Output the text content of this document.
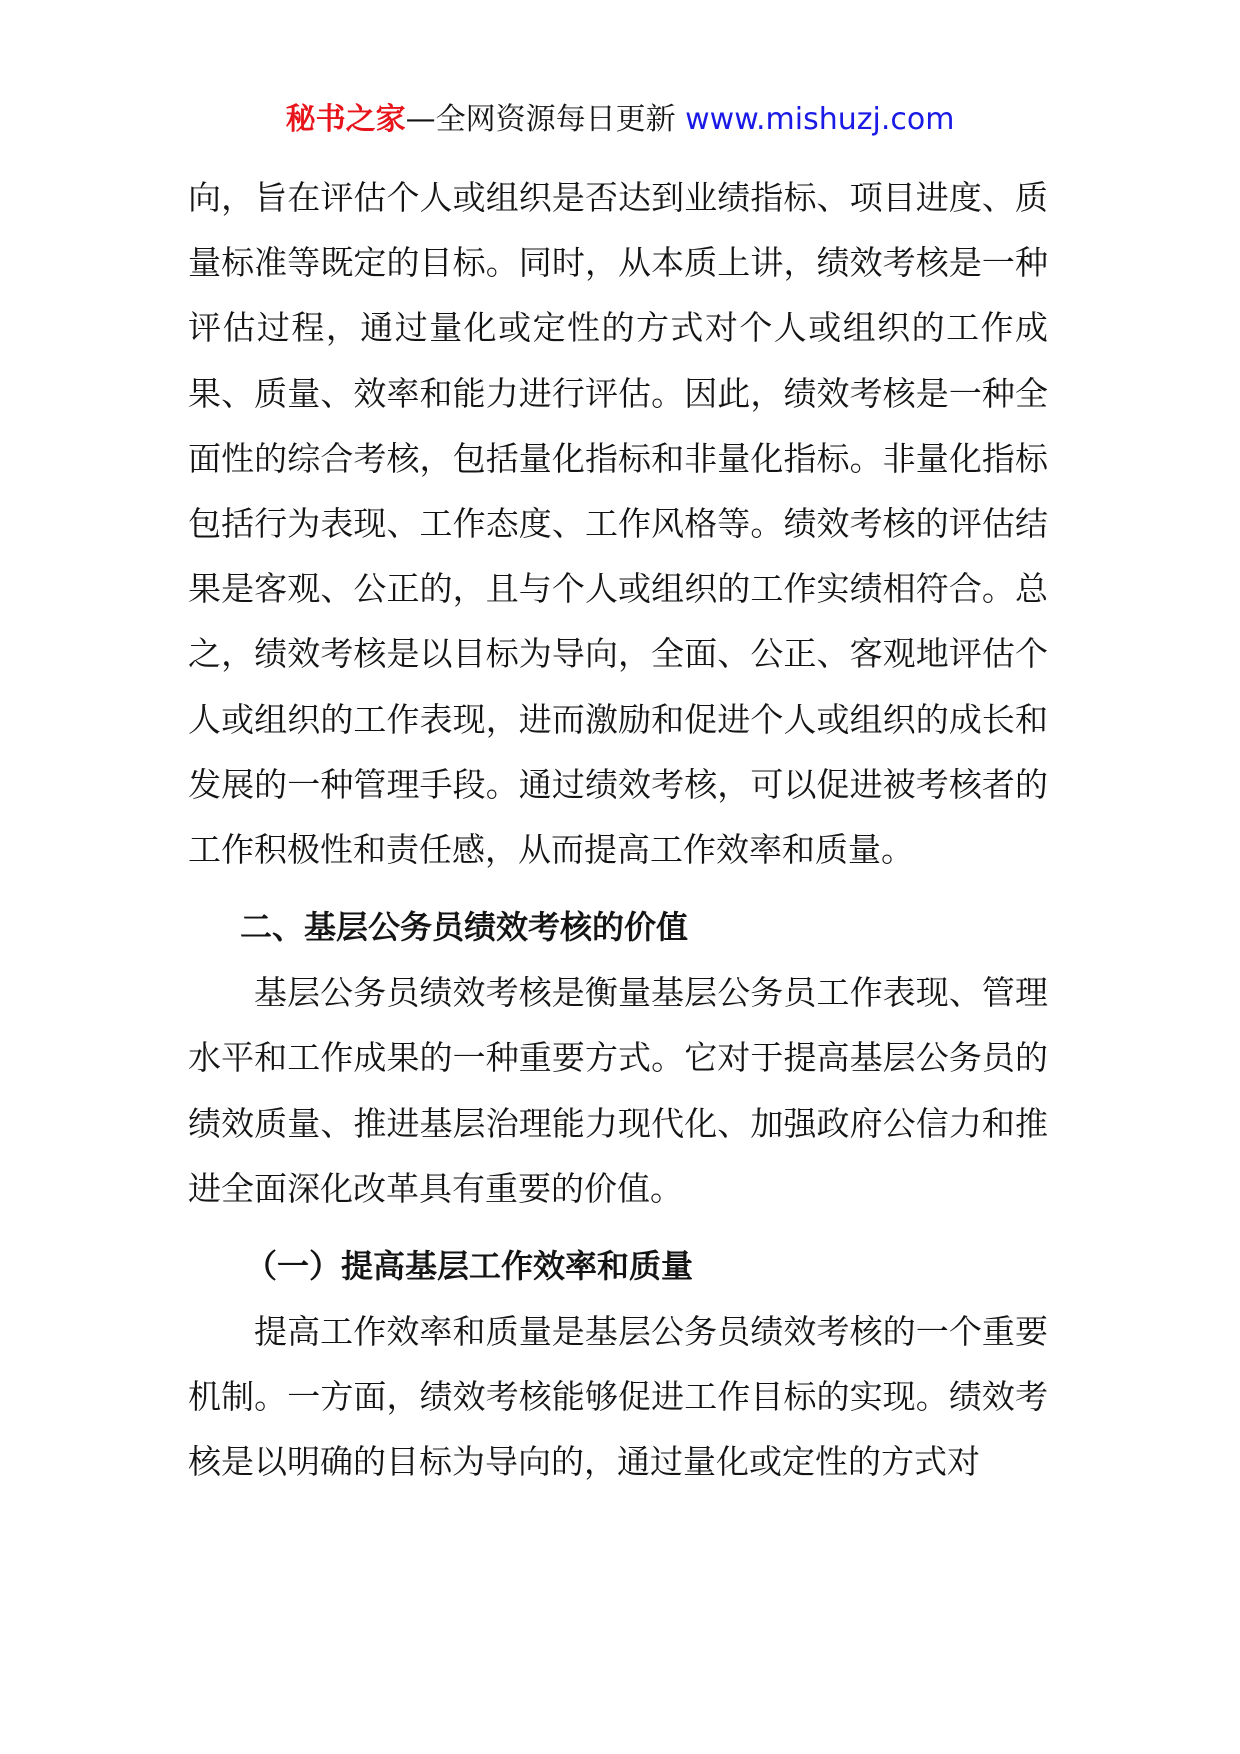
秘书之家—全网资源每日更新 www.mishuzj.com

向，旨在评估个人或组织是否达到业绩指标、项目进度、质量标准等既定的目标。同时，从本质上讲，绩效考核是一种评估过程，通过量化或定性的方式对个人或组织的工作成果、质量、效率和能力进行评估。因此，绩效考核是一种全面性的综合考核，包括量化指标和非量化指标。非量化指标包括行为表现、工作态度、工作风格等。绩效考核的评估结果是客观、公正的，且与个人或组织的工作实绩相符合。总之，绩效考核是以目标为导向，全面、公正、客观地评估个人或组织的工作表现，进而激励和促进个人或组织的成长和发展的一种管理手段。通过绩效考核，可以促进被考核者的工作积极性和责任感，从而提高工作效率和质量。

二、基层公务员绩效考核的价值

基层公务员绩效考核是衡量基层公务员工作表现、管理水平和工作成果的一种重要方式。它对于提高基层公务员的绩效质量、推进基层治理能力现代化、加强政府公信力和推进全面深化改革具有重要的价值。

（一）提高基层工作效率和质量

提高工作效率和质量是基层公务员绩效考核的一个重要机制。一方面，绩效考核能够促进工作目标的实现。绩效考核是以明确的目标为导向的，通过量化或定性的方式对
